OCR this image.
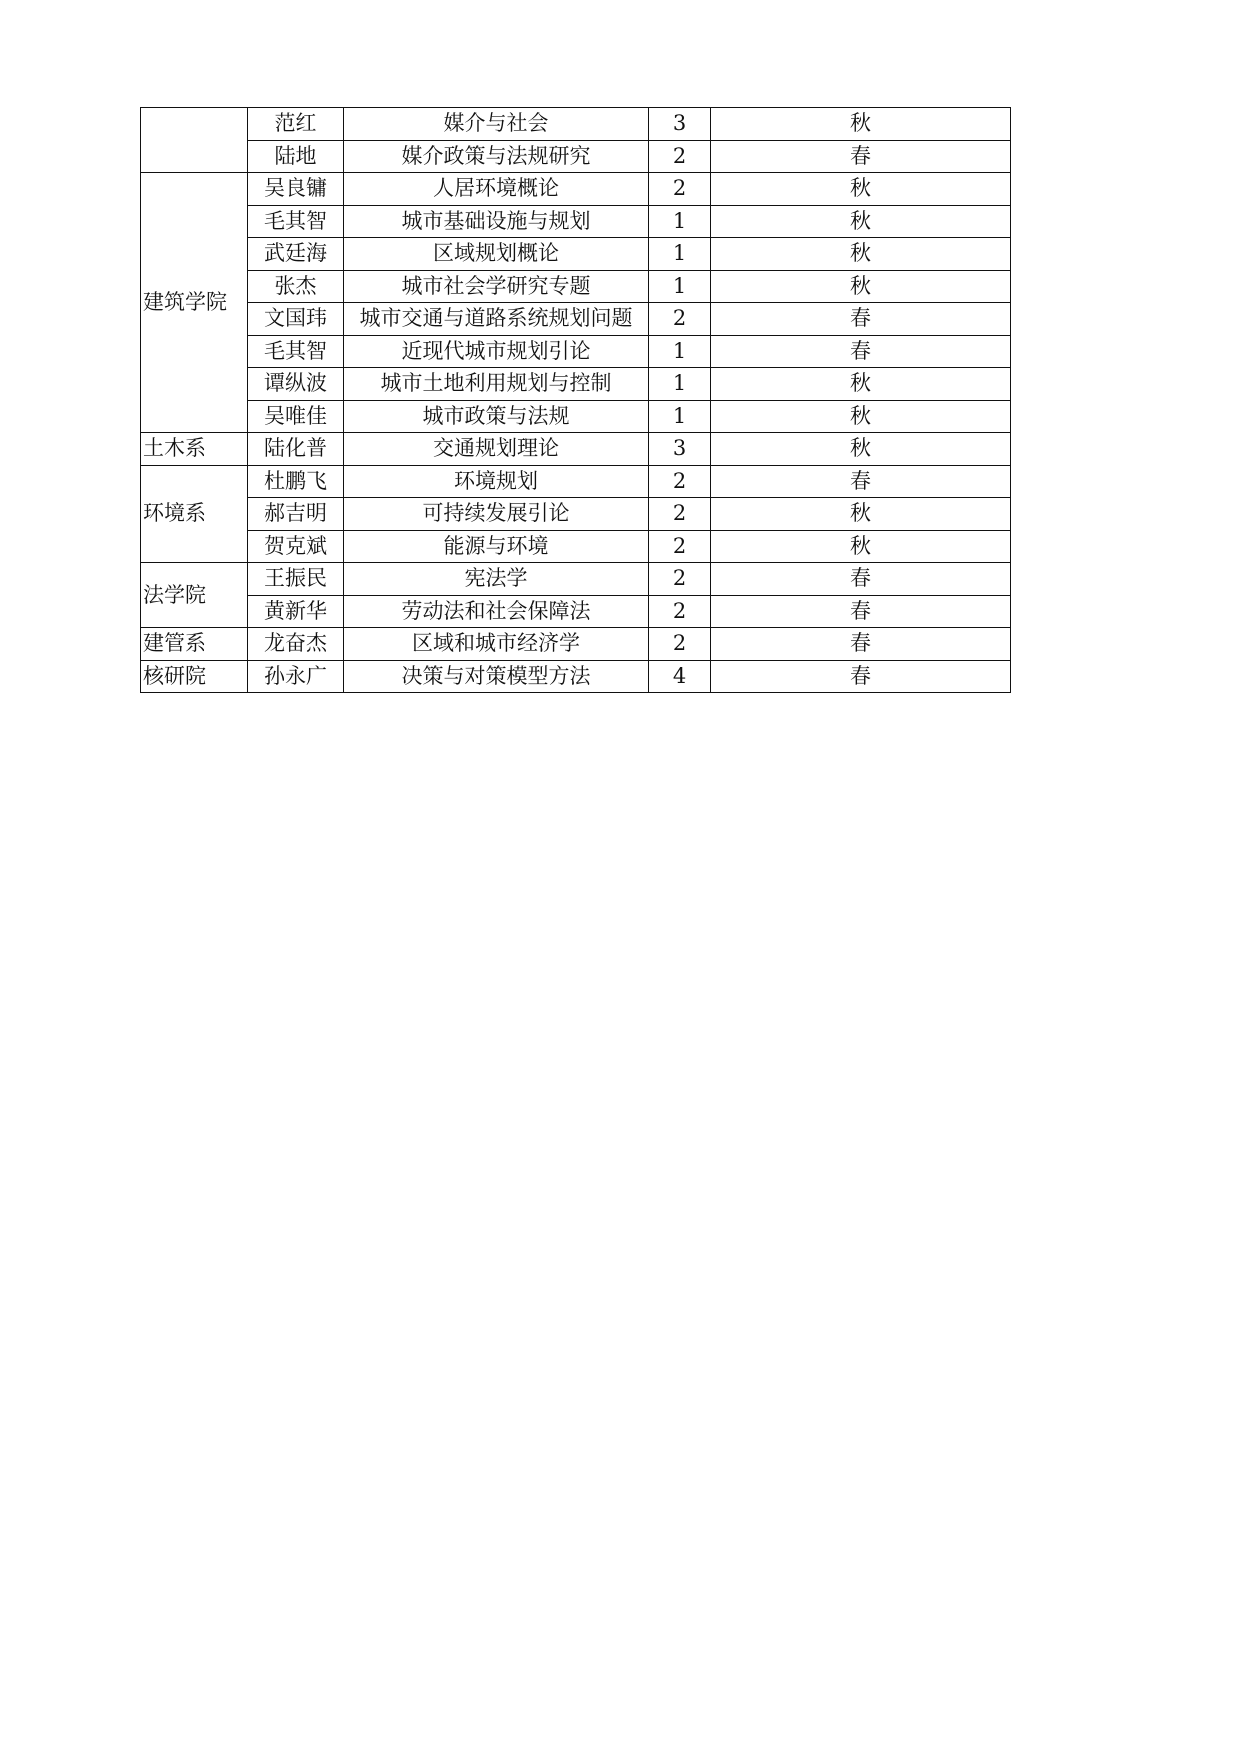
	范红	媒介与社会	3	秋
	陆地	媒介政策与法规研究	2	春
建筑学院	吴良镛	人居环境概论	2	秋
	毛其智	城市基础设施与规划	1	秋
	武廷海	区域规划概论	1	秋
	张杰	城市社会学研究专题	1	秋
	文国玮	城市交通与道路系统规划问题	2	春
	毛其智	近现代城市规划引论	1	春
	谭纵波	城市土地利用规划与控制	1	秋
	吴唯佳	城市政策与法规	1	秋
土木系	陆化普	交通规划理论	3	秋
环境系	杜鹏飞	环境规划	2	春
	郝吉明	可持续发展引论	2	秋
	贺克斌	能源与环境	2	秋
法学院	王振民	宪法学	2	春
	黄新华	劳动法和社会保障法	2	春
建管系	龙奋杰	区域和城市经济学	2	春
核研院	孙永广	决策与对策模型方法	4	春
